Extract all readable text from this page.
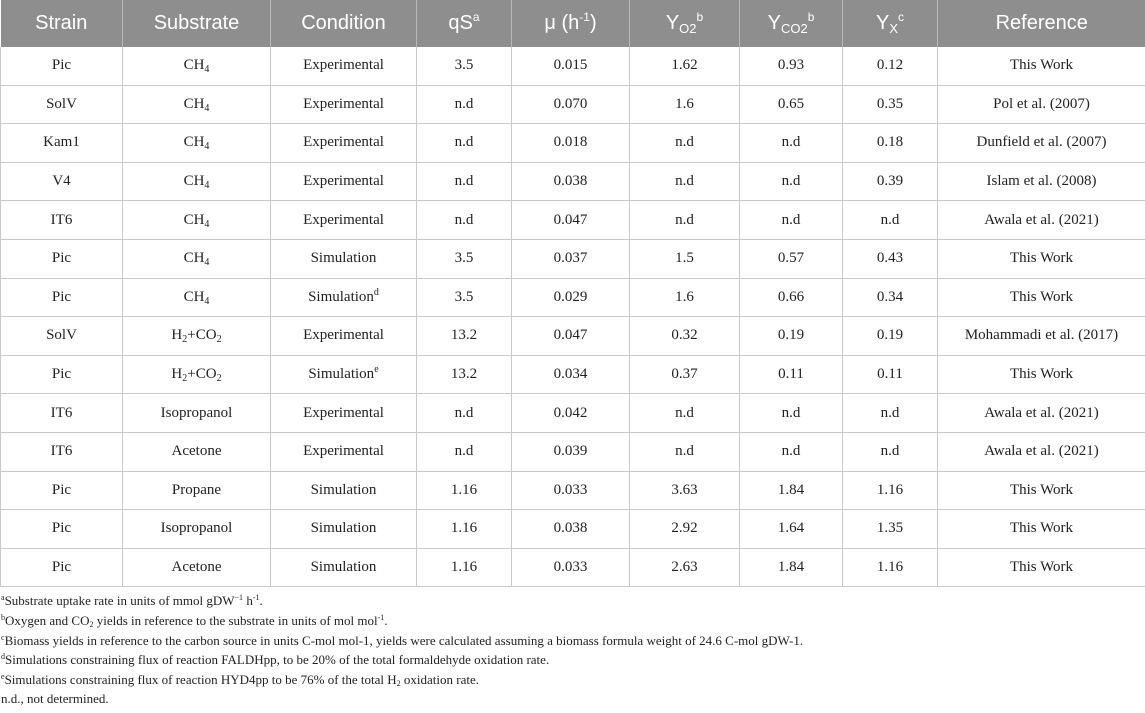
Strain	Substrate	Condition	$qS^a$	μ $(h^{-1})$	$Y_{O2}^b$	$Y_{CO2}^b$	$Y_X^c$	Reference
Pic	$CH_4$	Experimental	3.5	0.015	1.62	0.93	0.12	This Work
SolV	$CH_4$	Experimental	n.d	0.070	1.6	0.65	0.35	Pol et al. (2007)
Kam1	$CH_4$	Experimental	n.d	0.018	n.d	n.d	0.18	Dunfield et al. (2007)
V4	$CH_4$	Experimental	n.d	0.038	n.d	n.d	0.39	Islam et al. (2008)
IT6	$CH_4$	Experimental	n.d	0.047	n.d	n.d	n.d	Awala et al. (2021)
Pic	$CH_4$	Simulation	3.5	0.037	1.5	0.57	0.43	This Work
Pic	$CH_4$	Simulation$^d$	3.5	0.029	1.6	0.66	0.34	This Work
SolV	$H_2+CO_2$	Experimental	13.2	0.047	0.32	0.19	0.19	Mohammadi et al. (2017)
Pic	$H_2+CO_2$	Simulation$^e$	13.2	0.034	0.37	0.11	0.11	This Work
IT6	Isopropanol	Experimental	n.d	0.042	n.d	n.d	n.d	Awala et al. (2021)
IT6	Acetone	Experimental	n.d	0.039	n.d	n.d	n.d	Awala et al. (2021)
Pic	Propane	Simulation	1.16	0.033	3.63	1.84	1.16	This Work
Pic	Isopropanol	Simulation	1.16	0.038	2.92	1.64	1.35	This Work
Pic	Acetone	Simulation	1.16	0.033	2.63	1.84	1.16	This Work
$^a$Substrate uptake rate in units of mmol gDW$^{-1}$ $h^{-1}$.
$^b$Oxygen and $CO_2$ yields in reference to the substrate in units of mol mol$^{-1}$.
$^c$Biomass yields in reference to the carbon source in units C-mol mol-1, yields were calculated assuming a biomass formula weight of 24.6 C-mol gDW-1.
$^d$Simulations constraining flux of reaction FALDHpp, to be 20% of the total formaldehyde oxidation rate.
$^e$Simulations constraining flux of reaction HYD4pp to be 76% of the total $H_2$ oxidation rate.
n.d., not determined.
